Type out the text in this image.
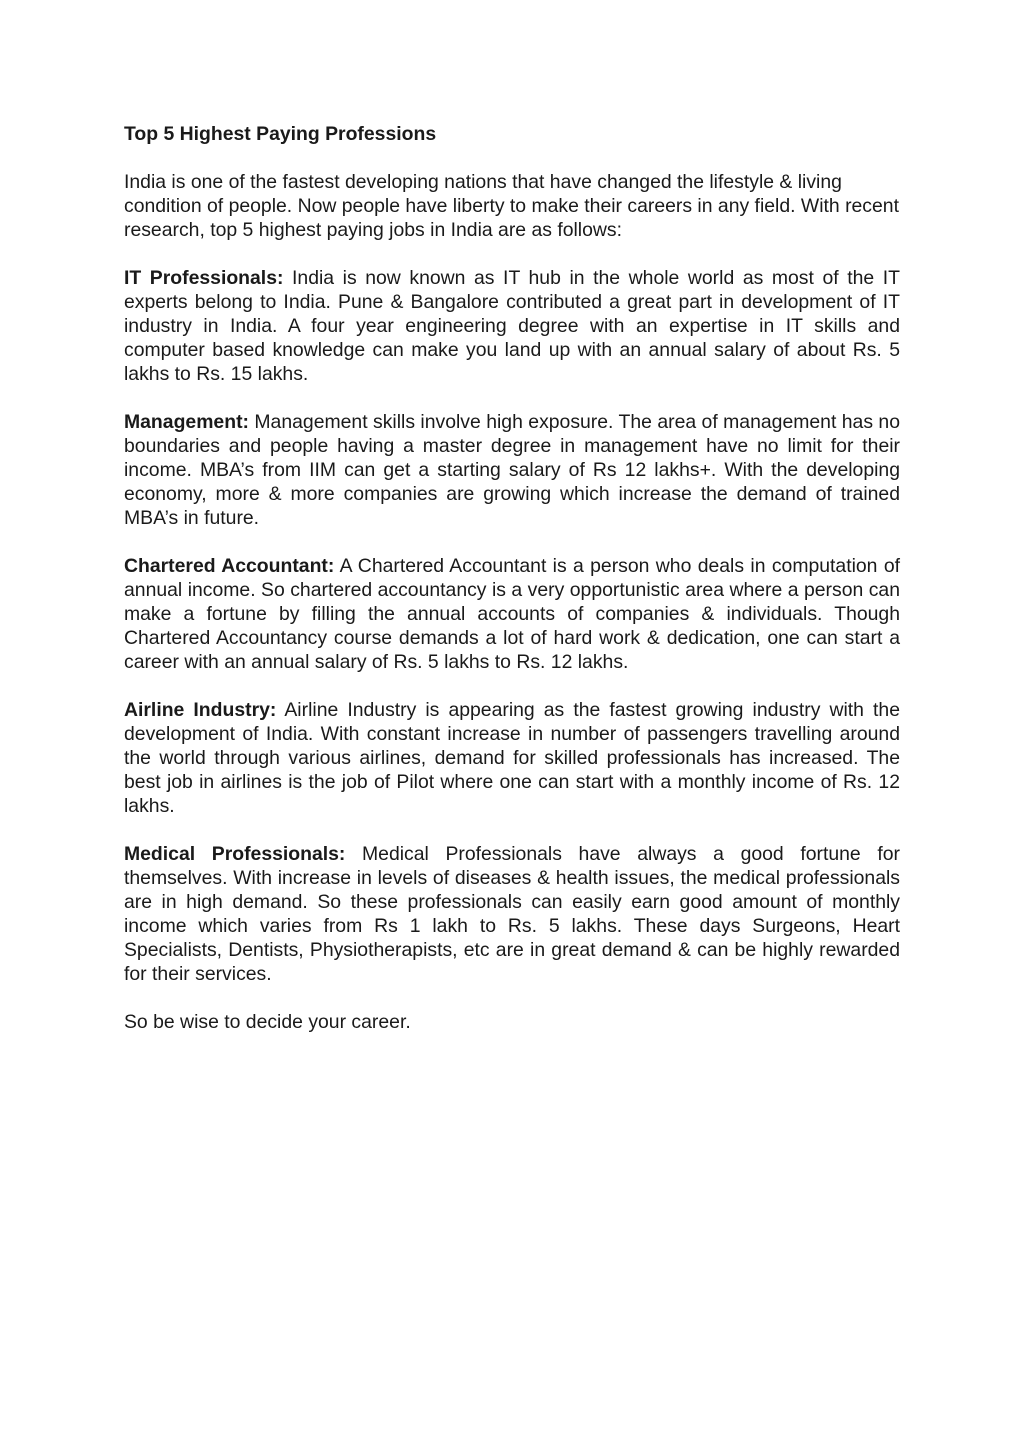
Top 5 Highest Paying Professions

India is one of the fastest developing nations that have changed the lifestyle & living condition of people. Now people have liberty to make their careers in any field. With recent research, top 5 highest paying jobs in India are as follows:

IT Professionals: India is now known as IT hub in the whole world as most of the IT experts belong to India. Pune & Bangalore contributed a great part in development of IT industry in India. A four year engineering degree with an expertise in IT skills and computer based knowledge can make you land up with an annual salary of about Rs. 5 lakhs to Rs. 15 lakhs.

Management: Management skills involve high exposure. The area of management has no boundaries and people having a master degree in management have no limit for their income. MBA’s from IIM can get a starting salary of Rs 12 lakhs+. With the developing economy, more & more companies are growing which increase the demand of trained MBA’s in future.

Chartered Accountant: A Chartered Accountant is a person who deals in computation of annual income. So chartered accountancy is a very opportunistic area where a person can make a fortune by filling the annual accounts of companies & individuals. Though Chartered Accountancy course demands a lot of hard work & dedication, one can start a career with an annual salary of Rs. 5 lakhs to Rs. 12 lakhs.

Airline Industry: Airline Industry is appearing as the fastest growing industry with the development of India. With constant increase in number of passengers travelling around the world through various airlines, demand for skilled professionals has increased. The best job in airlines is the job of Pilot where one can start with a monthly income of Rs. 12 lakhs.

Medical Professionals: Medical Professionals have always a good fortune for themselves. With increase in levels of diseases & health issues, the medical professionals are in high demand. So these professionals can easily earn good amount of monthly income which varies from Rs 1 lakh to Rs. 5 lakhs. These days Surgeons, Heart Specialists, Dentists, Physiotherapists, etc are in great demand & can be highly rewarded for their services.

So be wise to decide your career.
